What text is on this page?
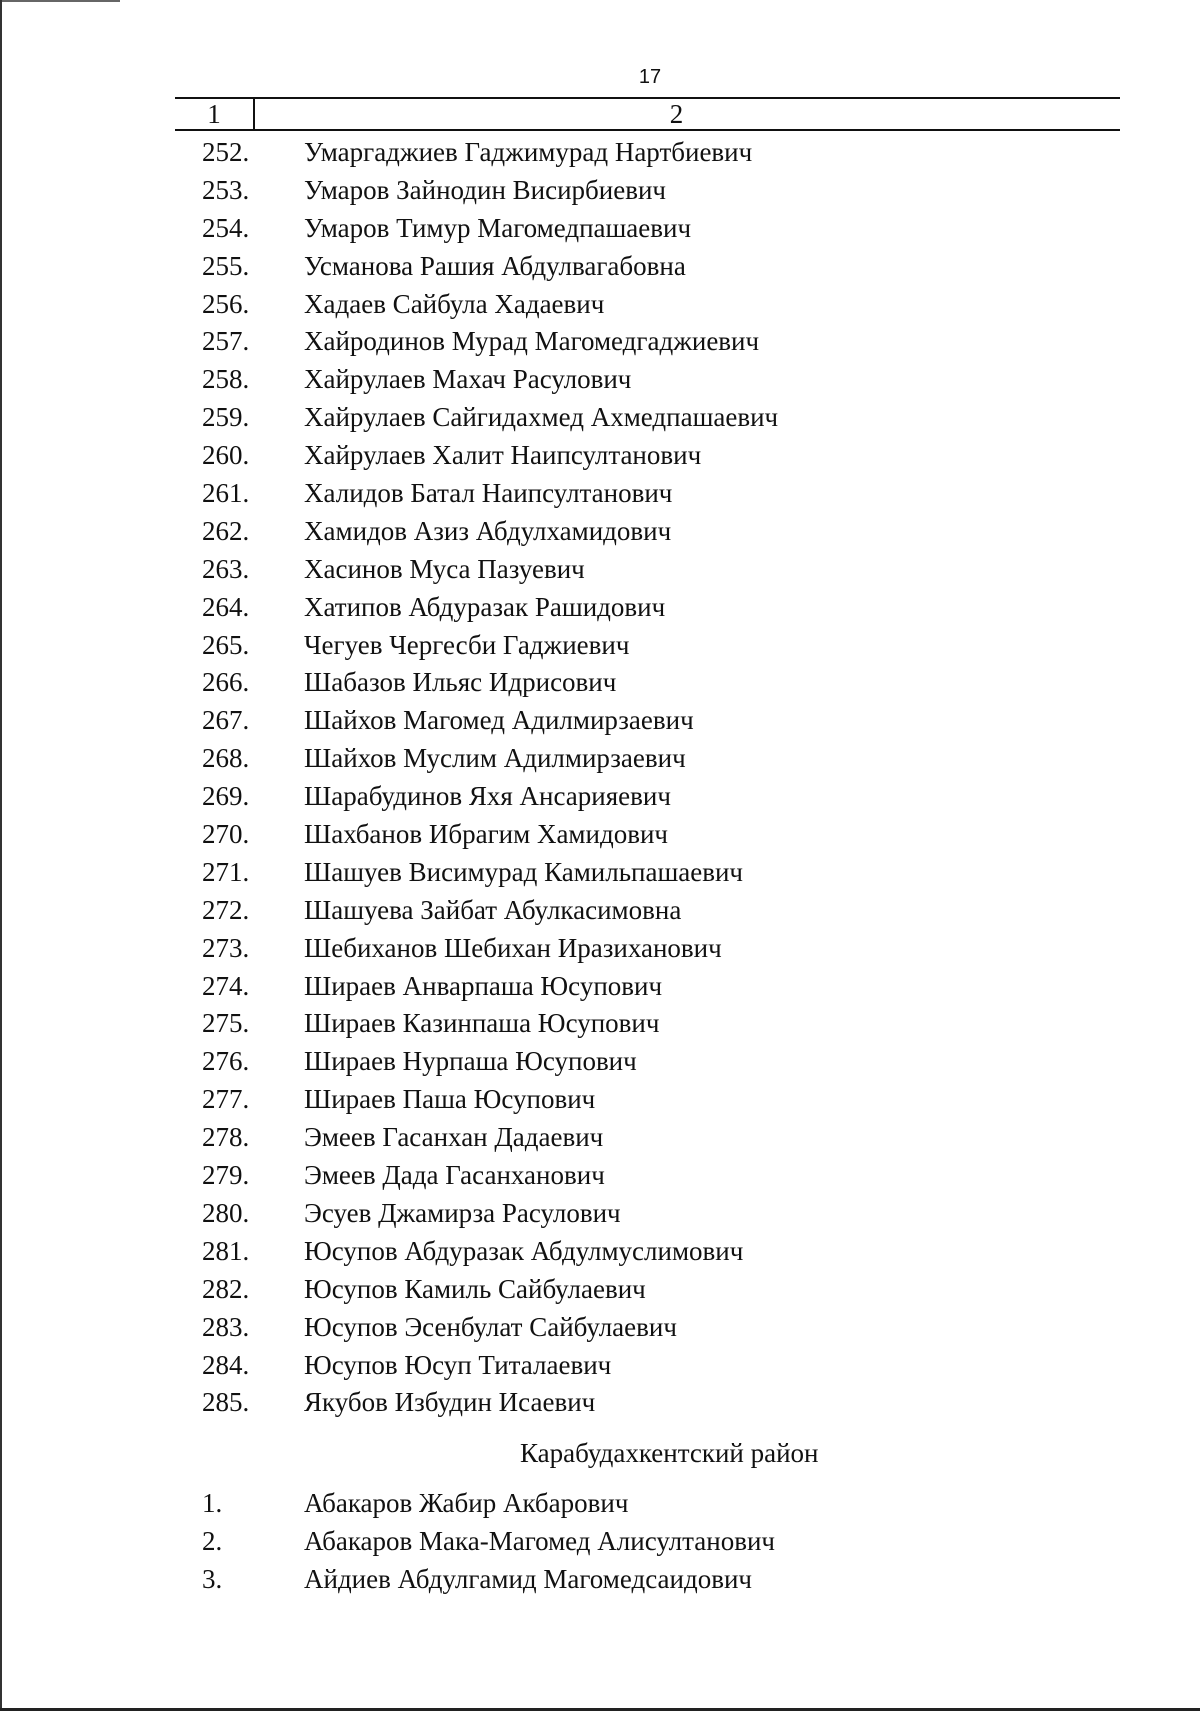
17
1	2
252.	Умаргаджиев Гаджимурад Нартбиевич
253.	Умаров Зайнодин Висирбиевич
254.	Умаров Тимур Магомедпашаевич
255.	Усманова Рашия Абдулвагабовна
256.	Хадаев Сайбула Хадаевич
257.	Хайродинов Мурад Магомедгаджиевич
258.	Хайрулаев Махач Расулович
259.	Хайрулаев Сайгидахмед Ахмедпашаевич
260.	Хайрулаев Халит Наипсултанович
261.	Халидов Батал Наипсултанович
262.	Хамидов Азиз Абдулхамидович
263.	Хасинов Муса Пазуевич
264.	Хатипов Абдуразак Рашидович
265.	Чегуев Чергесби Гаджиевич
266.	Шабазов Ильяс Идрисович
267.	Шайхов Магомед Адилмирзаевич
268.	Шайхов Муслим Адилмирзаевич
269.	Шарабудинов Яхя Ансарияевич
270.	Шахбанов Ибрагим Хамидович
271.	Шашуев Висимурад Камильпашаевич
272.	Шашуева Зайбат Абулкасимовна
273.	Шебиханов Шебихан Иразиханович
274.	Шираев Анварпаша Юсупович
275.	Шираев Казинпаша Юсупович
276.	Шираев Нурпаша Юсупович
277.	Шираев Паша Юсупович
278.	Эмеев Гасанхан Дадаевич
279.	Эмеев Дада Гасанханович
280.	Эсуев Джамирза Расулович
281.	Юсупов Абдуразак Абдулмуслимович
282.	Юсупов Камиль Сайбулаевич
283.	Юсупов Эсенбулат Сайбулаевич
284.	Юсупов Юсуп Титалаевич
285.	Якубов Избудин Исаевич
Карабудахкентский район
1.	Абакаров Жабир Акбарович
2.	Абакаров Мака-Магомед Алисултанович
3.	Айдиев Абдулгамид Магомедсаидович
